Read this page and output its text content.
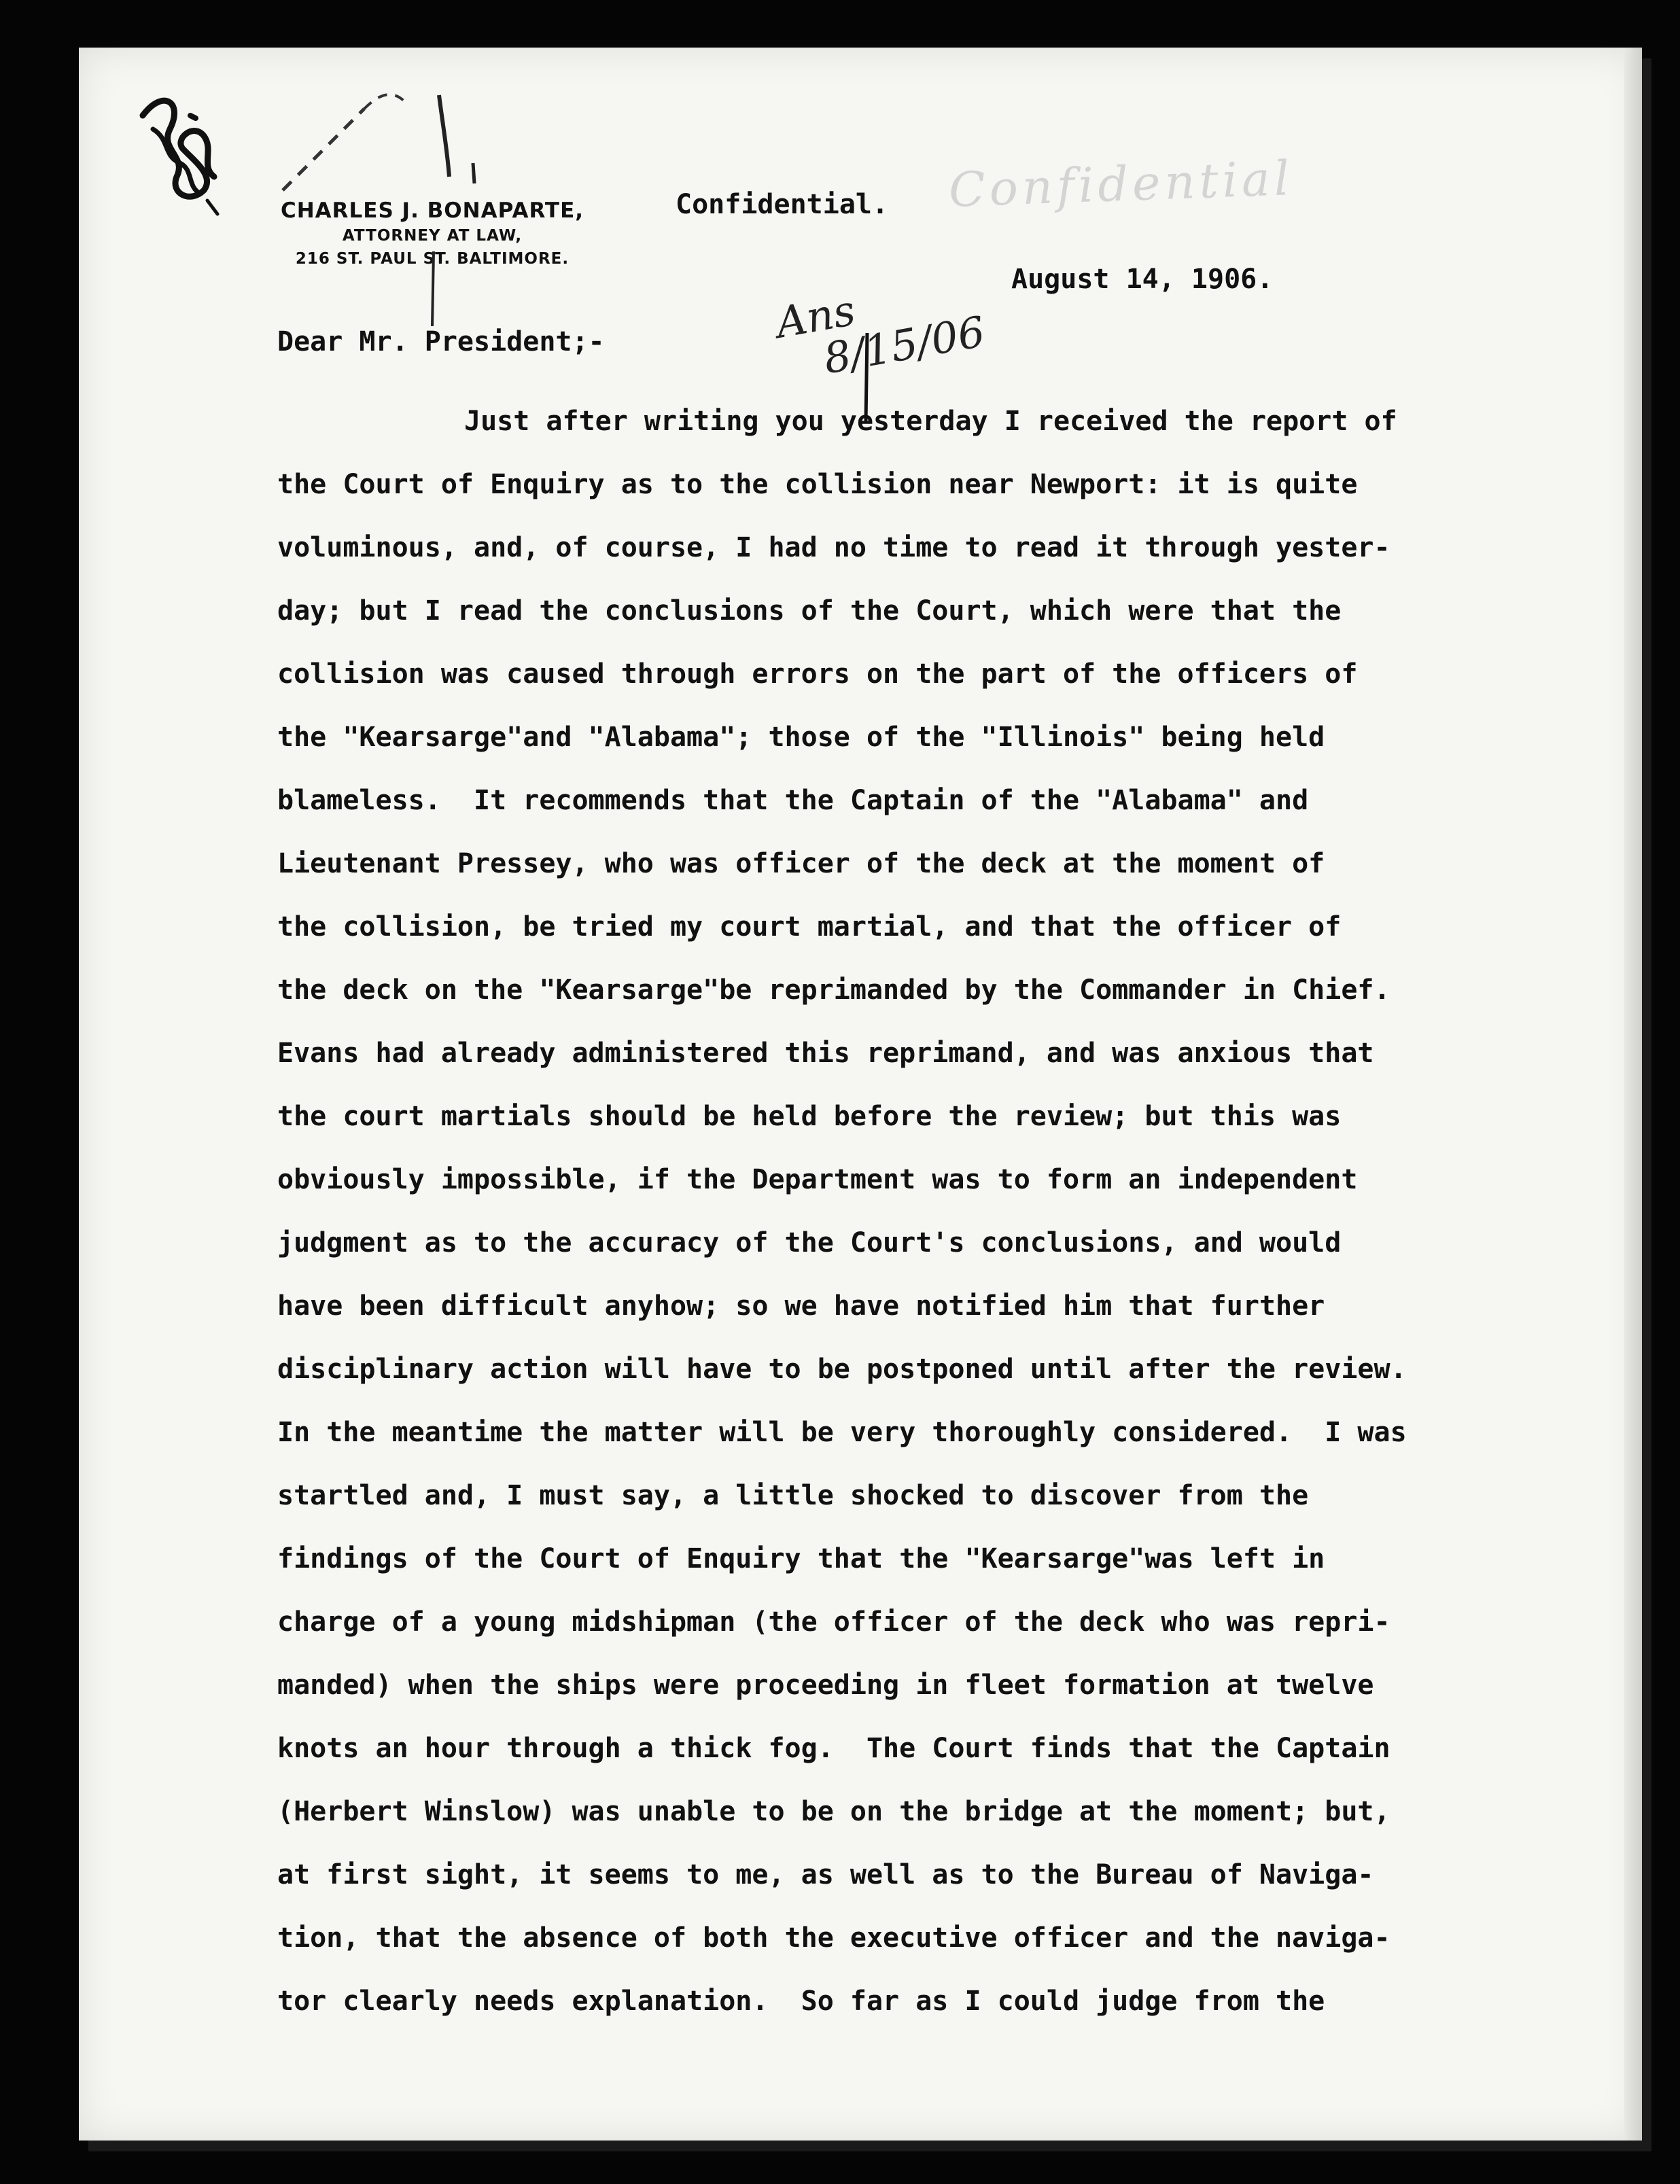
Confidential
CHARLES J. BONAPARTE,
ATTORNEY AT LAW,
216 ST. PAUL ST. BALTIMORE.
Confidential.
Ans
8/15/06
August 14, 1906.
Dear Mr. President;-
Just after writing you yesterday I received the report of
the Court of Enquiry as to the collision near Newport: it is quite
voluminous, and, of course, I had no time to read it through yester-
day; but I read the conclusions of the Court, which were that the
collision was caused through errors on the part of the officers of
the "Kearsarge"and "Alabama"; those of the "Illinois" being held
blameless.  It recommends that the Captain of the "Alabama" and
Lieutenant Pressey, who was officer of the deck at the moment of
the collision, be tried my court martial, and that the officer of
the deck on the "Kearsarge"be reprimanded by the Commander in Chief.
Evans had already administered this reprimand, and was anxious that
the court martials should be held before the review; but this was
obviously impossible, if the Department was to form an independent
judgment as to the accuracy of the Court's conclusions, and would
have been difficult anyhow; so we have notified him that further
disciplinary action will have to be postponed until after the review.
In the meantime the matter will be very thoroughly considered.  I was
startled and, I must say, a little shocked to discover from the
findings of the Court of Enquiry that the "Kearsarge"was left in
charge of a young midshipman (the officer of the deck who was repri-
manded) when the ships were proceeding in fleet formation at twelve
knots an hour through a thick fog.  The Court finds that the Captain
(Herbert Winslow) was unable to be on the bridge at the moment; but,
at first sight, it seems to me, as well as to the Bureau of Naviga-
tion, that the absence of both the executive officer and the naviga-
tor clearly needs explanation.  So far as I could judge from the
